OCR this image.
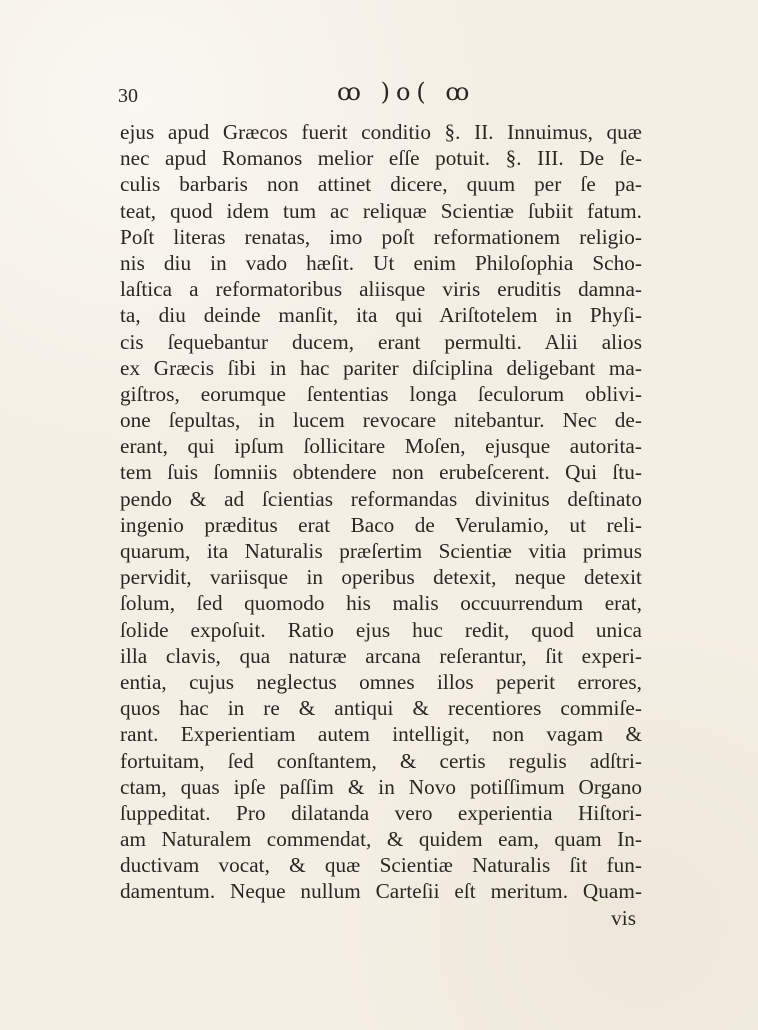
30	ꝏ )o( ꝏ
ejus apud Græcos fuerit conditio §. II. Innuimus, quæ
nec apud Romanos melior eſſe potuit. §. III. De ſe-
culis barbaris non attinet dicere, quum per ſe pa-
teat, quod idem tum ac reliquæ Scientiæ ſubiit fatum.
Poſt literas renatas, imo poſt reformationem religio-
nis diu in vado hæſit. Ut enim Philoſophia Scho-
laſtica a reformatoribus aliisque viris eruditis damna-
ta, diu deinde manſit, ita qui Ariſtotelem in Phyſi-
cis ſequebantur ducem, erant permulti. Alii alios
ex Græcis ſibi in hac pariter diſciplina deligebant ma-
giſtros, eorumque ſententias longa ſeculorum oblivi-
one ſepultas, in lucem revocare nitebantur. Nec de-
erant, qui ipſum ſollicitare Moſen, ejusque autorita-
tem ſuis ſomniis obtendere non erubeſcerent. Qui ſtu-
pendo & ad ſcientias reformandas divinitus deſtinato
ingenio præditus erat Baco de Verulamio, ut reli-
quarum, ita Naturalis præſertim Scientiæ vitia primus
pervidit, variisque in operibus detexit, neque detexit
ſolum, ſed quomodo his malis occuurrendum erat,
ſolide expoſuit. Ratio ejus huc redit, quod unica
illa clavis, qua naturæ arcana reſerantur, ſit experi-
entia, cujus neglectus omnes illos peperit errores,
quos hac in re & antiqui & recentiores commiſe-
rant. Experientiam autem intelligit, non vagam &
fortuitam, ſed conſtantem, & certis regulis adſtri-
ctam, quas ipſe paſſim & in Novo potiſſimum Organo
ſuppeditat. Pro dilatanda vero experientia Hiſtori-
am Naturalem commendat, & quidem eam, quam In-
ductivam vocat, & quæ Scientiæ Naturalis ſit fun-
damentum. Neque nullum Carteſii eſt meritum. Quam-
vis
